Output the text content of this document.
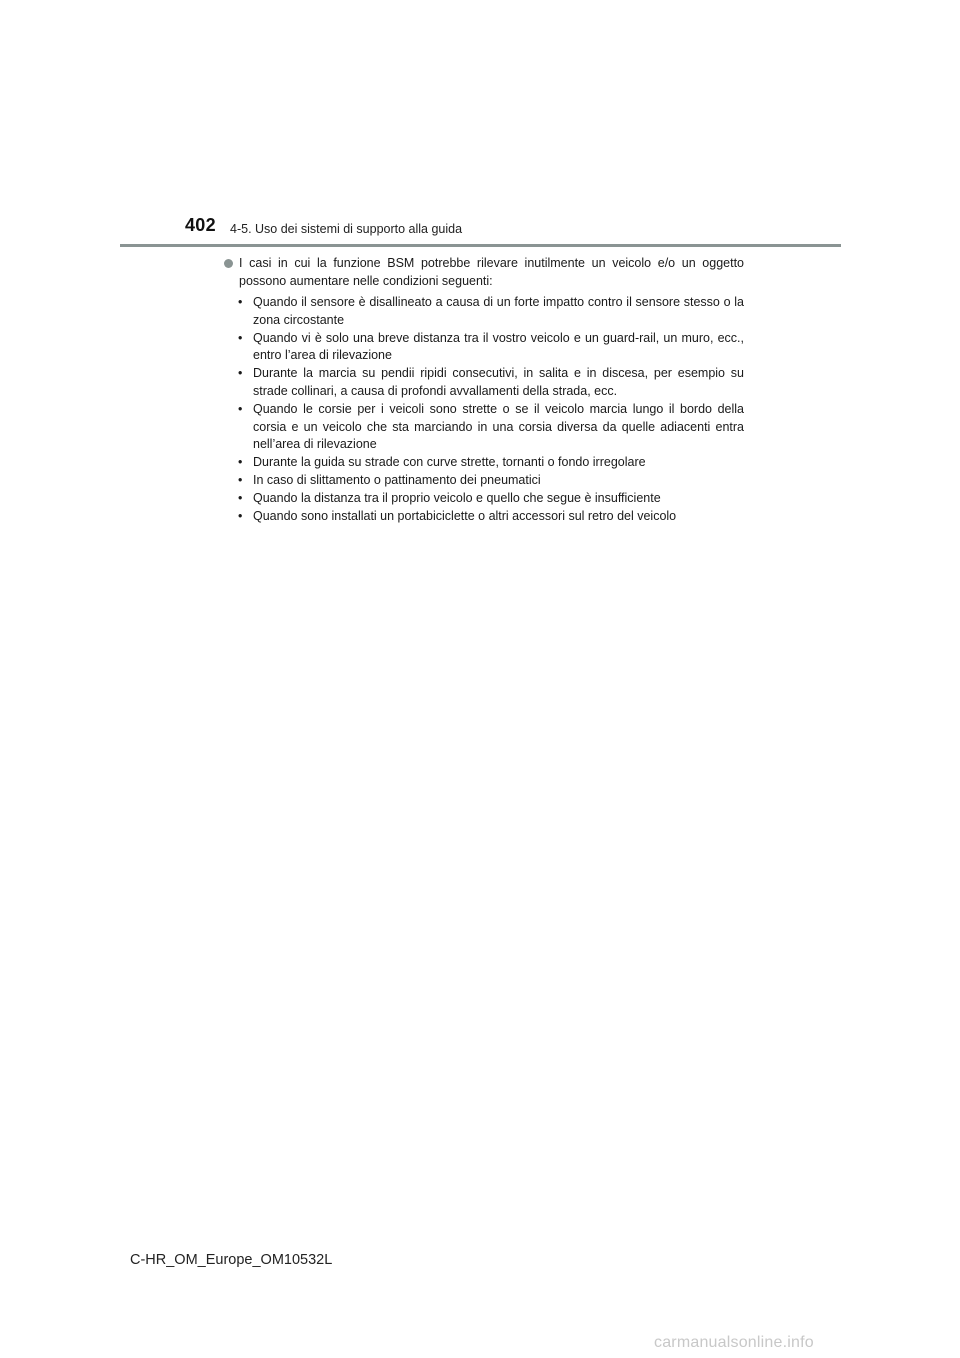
402 4-5. Uso dei sistemi di supporto alla guida
I casi in cui la funzione BSM potrebbe rilevare inutilmente un veicolo e/o un oggetto possono aumentare nelle condizioni seguenti:
• Quando il sensore è disallineato a causa di un forte impatto contro il sensore stesso o la zona circostante
• Quando vi è solo una breve distanza tra il vostro veicolo e un guard-rail, un muro, ecc., entro l’area di rilevazione
• Durante la marcia su pendii ripidi consecutivi, in salita e in discesa, per esempio su strade collinari, a causa di profondi avvallamenti della strada, ecc.
• Quando le corsie per i veicoli sono strette o se il veicolo marcia lungo il bordo della corsia e un veicolo che sta marciando in una corsia diversa da quelle adiacenti entra nell’area di rilevazione
• Durante la guida su strade con curve strette, tornanti o fondo irregolare
• In caso di slittamento o pattinamento dei pneumatici
• Quando la distanza tra il proprio veicolo e quello che segue è insufficiente
• Quando sono installati un portabiciclette o altri accessori sul retro del veicolo
C-HR_OM_Europe_OM10532L
carmanualsonline.info
